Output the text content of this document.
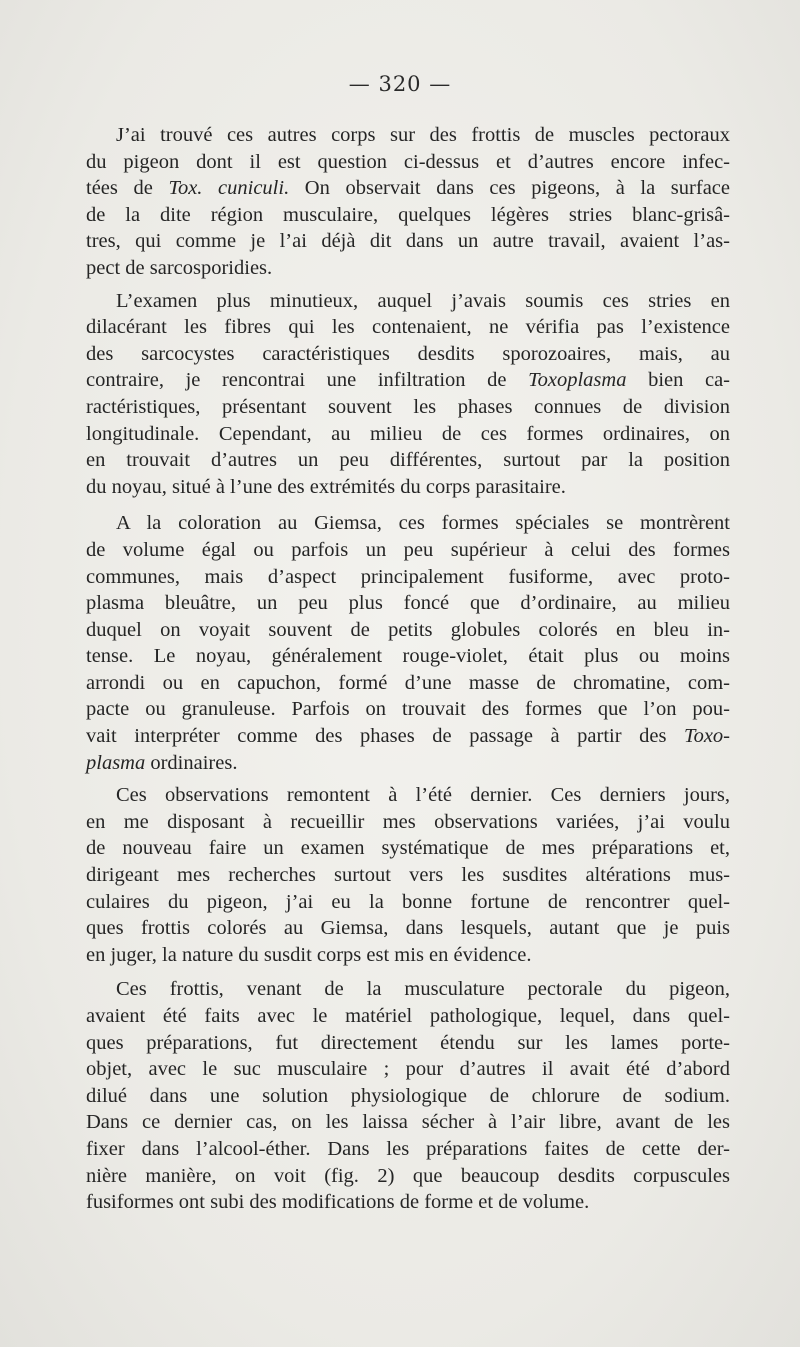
— 320 —
J’ai trouvé ces autres corps sur des frottis de muscles pectoraux
du pigeon dont il est question ci-dessus et d’autres encore infec-
tées de Tox. cuniculi. On observait dans ces pigeons, à la surface
de la dite région musculaire, quelques légères stries blanc-grisâ-
tres, qui comme je l’ai déjà dit dans un autre travail, avaient l’as-
pect de sarcosporidies.
L’examen plus minutieux, auquel j’avais soumis ces stries en
dilacérant les fibres qui les contenaient, ne vérifia pas l’existence
des sarcocystes caractéristiques desdits sporozoaires, mais, au
contraire, je rencontrai une infiltration de Toxoplasma bien ca-
ractéristiques, présentant souvent les phases connues de division
longitudinale. Cependant, au milieu de ces formes ordinaires, on
en trouvait d’autres un peu différentes, surtout par la position
du noyau, situé à l’une des extrémités du corps parasitaire.
A la coloration au Giemsa, ces formes spéciales se montrèrent
de volume égal ou parfois un peu supérieur à celui des formes
communes, mais d’aspect principalement fusiforme, avec proto-
plasma bleuâtre, un peu plus foncé que d’ordinaire, au milieu
duquel on voyait souvent de petits globules colorés en bleu in-
tense. Le noyau, généralement rouge-violet, était plus ou moins
arrondi ou en capuchon, formé d’une masse de chromatine, com-
pacte ou granuleuse. Parfois on trouvait des formes que l’on pou-
vait interpréter comme des phases de passage à partir des Toxo-
plasma ordinaires.
Ces observations remontent à l’été dernier. Ces derniers jours,
en me disposant à recueillir mes observations variées, j’ai voulu
de nouveau faire un examen systématique de mes préparations et,
dirigeant mes recherches surtout vers les susdites altérations mus-
culaires du pigeon, j’ai eu la bonne fortune de rencontrer quel-
ques frottis colorés au Giemsa, dans lesquels, autant que je puis
en juger, la nature du susdit corps est mis en évidence.
Ces frottis, venant de la musculature pectorale du pigeon,
avaient été faits avec le matériel pathologique, lequel, dans quel-
ques préparations, fut directement étendu sur les lames porte-
objet, avec le suc musculaire ; pour d’autres il avait été d’abord
dilué dans une solution physiologique de chlorure de sodium.
Dans ce dernier cas, on les laissa sécher à l’air libre, avant de les
fixer dans l’alcool-éther. Dans les préparations faites de cette der-
nière manière, on voit (fig. 2) que beaucoup desdits corpuscules
fusiformes ont subi des modifications de forme et de volume.
